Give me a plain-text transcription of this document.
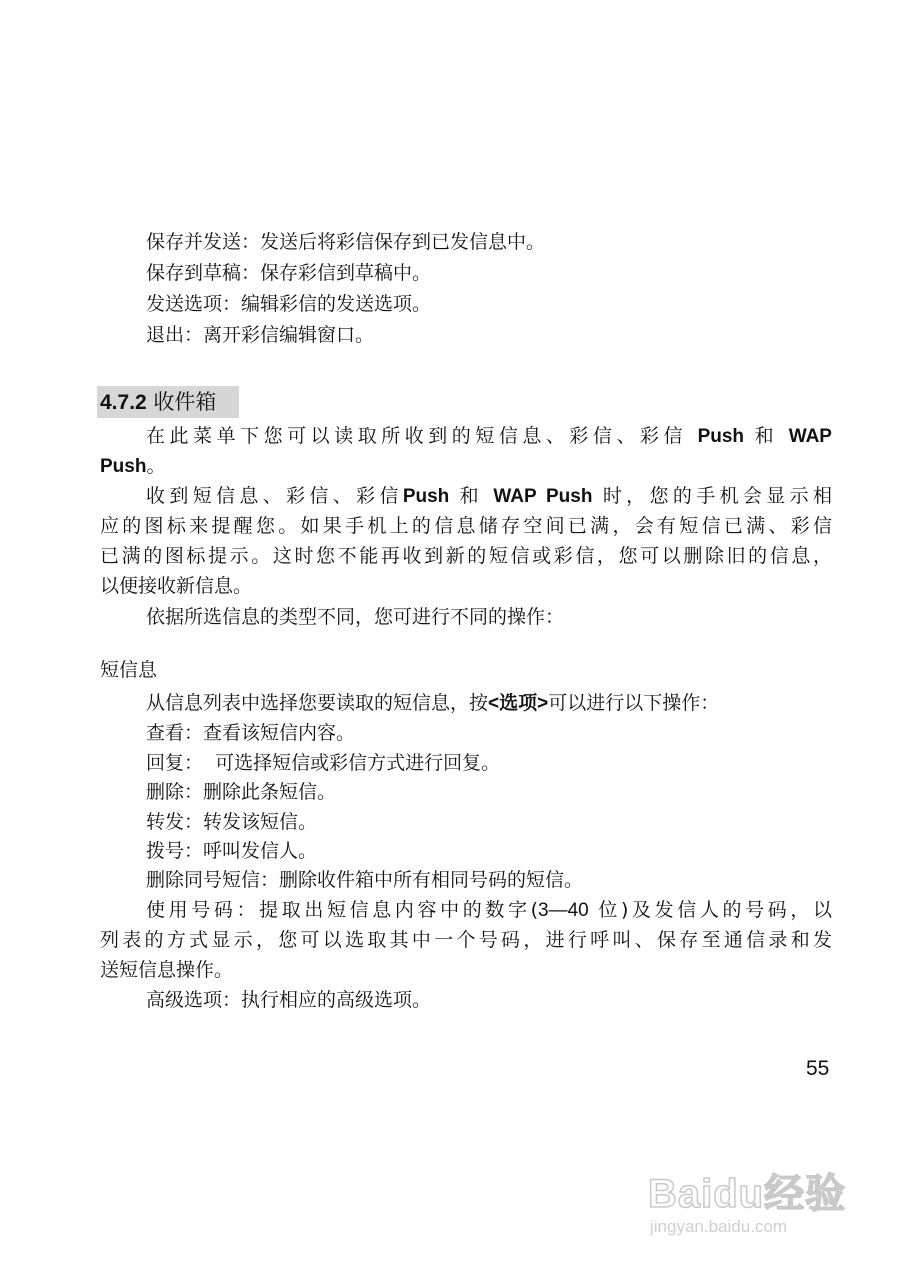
保存并发送：发送后将彩信保存到已发信息中。
保存到草稿：保存彩信到草稿中。
发送选项：编辑彩信的发送选项。
退出：离开彩信编辑窗口。
4.7.2 收件箱
在此菜单下您可以读取所收到的短信息、彩信、彩信 Push 和 WAP
Push。
收到短信息、彩信、彩信Push 和 WAP Push 时，您的手机会显示相
应的图标来提醒您。如果手机上的信息储存空间已满，会有短信已满、彩信
已满的图标提示。这时您不能再收到新的短信或彩信，您可以删除旧的信息，
以便接收新信息。
依据所选信息的类型不同，您可进行不同的操作：
短信息
从信息列表中选择您要读取的短信息，按<选项>可以进行以下操作：
查看：查看该短信内容。
回复：  可选择短信或彩信方式进行回复。
删除：删除此条短信。
转发：转发该短信。
拨号：呼叫发信人。
删除同号短信：删除收件箱中所有相同号码的短信。
使用号码：提取出短信息内容中的数字(3—40 位)及发信人的号码，以
列表的方式显示，您可以选取其中一个号码，进行呼叫、保存至通信录和发
送短信息操作。
高级选项：执行相应的高级选项。
55
Baidu经验
jingyan.baidu.com
